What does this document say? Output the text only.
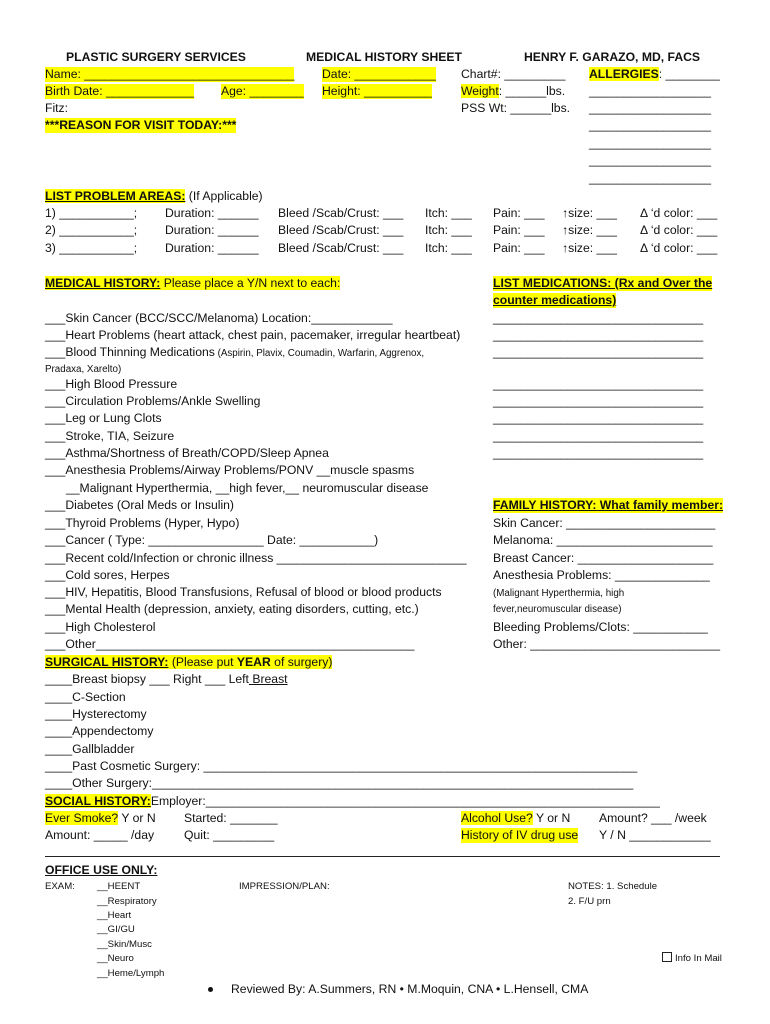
PLASTIC SURGERY SERVICES	MEDICAL HISTORY SHEET	HENRY F. GARAZO, MD, FACS
Name: _______________________________ Date: ____________ Chart#: _________ ALLERGIES: ________
Birth Date: _____________ Age: ________ Height: __________ Weight: ______lbs. __________________
Fitz:	PSS Wt: ______lbs. __________________
***REASON FOR VISIT TODAY:***	__________________
__________________
__________________
__________________
LIST PROBLEM AREAS: (If Applicable)
1) ___________; Duration: ______ Bleed /Scab/Crust: ___ Itch: ___ Pain: ___ ↑size: ___ Δ ‘d color: ___
2) ___________; Duration: ______ Bleed /Scab/Crust: ___ Itch: ___ Pain: ___ ↑size: ___ Δ ‘d color: ___
3) ___________; Duration: ______ Bleed /Scab/Crust: ___ Itch: ___ Pain: ___ ↑size: ___ Δ ‘d color: ___
MEDICAL HISTORY: Please place a Y/N next to each:
___Skin Cancer (BCC/SCC/Melanoma) Location:____________
___Heart Problems (heart attack, chest pain, pacemaker, irregular heartbeat)
___Blood Thinning Medications (Aspirin, Plavix, Coumadin, Warfarin, Aggrenox,
Pradaxa, Xarelto)
___High Blood Pressure
___Circulation Problems/Ankle Swelling
___Leg or Lung Clots
___Stroke, TIA, Seizure
___Asthma/Shortness of Breath/COPD/Sleep Apnea
___Anesthesia Problems/Airway Problems/PONV __muscle spasms
__Malignant Hyperthermia, __high fever,__ neuromuscular disease
___Diabetes (Oral Meds or Insulin)
___Thyroid Problems (Hyper, Hypo)
___Cancer ( Type: _________________ Date: ___________)
___Recent cold/Infection or chronic illness ____________________________
___Cold sores, Herpes
___HIV, Hepatitis, Blood Transfusions, Refusal of blood or blood products
___Mental Health (depression, anxiety, eating disorders, cutting, etc.)
___High Cholesterol
___Other_______________________________________________
LIST MEDICATIONS: (Rx and Over the
counter medications)
_______________________________
_______________________________
_______________________________
_______________________________
_______________________________
_______________________________
_______________________________
_______________________________
FAMILY HISTORY: What family member:
Skin Cancer: ______________________
Melanoma: _______________________
Breast Cancer: ____________________
Anesthesia Problems: ______________
(Malignant Hyperthermia, high
fever,neuromuscular disease)
Bleeding Problems/Clots: ___________
Other: ____________________________
SURGICAL HISTORY: (Please put YEAR of surgery)
____Breast biopsy ___ Right ___ Left Breast
____C-Section
____Hysterectomy
____Appendectomy
____Gallbladder
____Past Cosmetic Surgery: ________________________________________________________________
____Other Surgery:_______________________________________________________________________
SOCIAL HISTORY:Employer:___________________________________________________________________
Ever Smoke? Y or N Started: _______	Alcohol Use? Y or N Amount? ___ /week
Amount: _____ /day Quit: _________	History of IV drug use Y / N ____________
OFFICE USE ONLY:
EXAM: __HEENT
__Respiratory
__Heart
__GI/GU
__Skin/Musc
__Neuro
__Heme/Lymph
IMPRESSION/PLAN:	NOTES: 1. Schedule
2. F/U prn
Info In Mail
Reviewed By: A.Summers, RN • M.Moquin, CNA • L.Hensell, CMA
